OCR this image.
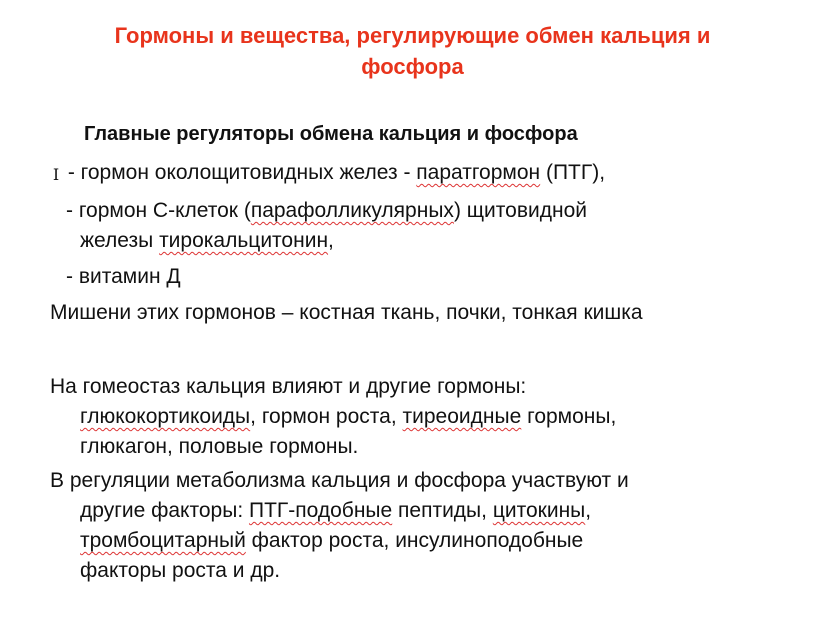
Гормоны и вещества, регулирующие обмен кальция и
фосфора
Главные регуляторы обмена кальция и фосфора
I - гормон околощитовидных желез - паратгормон (ПТГ),
- гормон С-клеток (парафолликулярных) щитовидной
железы тирокальцитонин,
- витамин Д
Мишени этих гормонов – костная ткань, почки, тонкая кишка
На гомеостаз кальция влияют и другие гормоны:
глюкокортикоиды, гормон роста, тиреоидные гормоны,
глюкагон, половые гормоны.
В регуляции метаболизма кальция и фосфора участвуют и
другие факторы: ПТГ-подобные пептиды, цитокины,
тромбоцитарный фактор роста, инсулиноподобные
факторы роста и др.
